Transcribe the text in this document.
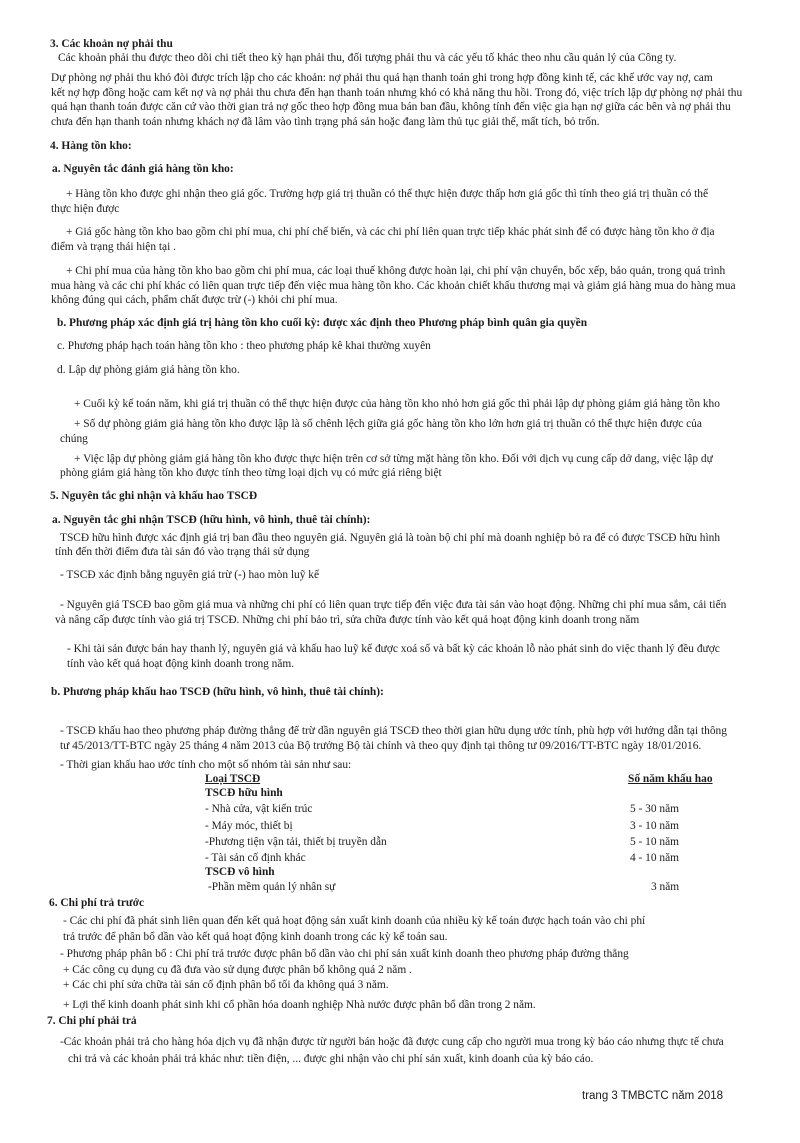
3. Các khoản nợ phải thu
Các khoản phải thu được theo dõi chi tiết theo kỳ hạn phải thu, đối tượng phải thu và các yếu tố khác theo nhu cầu quản lý của Công ty.
Dự phòng nợ phải thu khó đòi được trích lập cho các khoản: nợ phải thu quá hạn thanh toán ghi trong hợp đồng kinh tế, các khế ước vay nợ, cam
kết nợ hợp đồng hoặc cam kết nợ và nợ phải thu chưa đến hạn thanh toán nhưng khó có khả năng thu hồi. Trong đó, việc trích lập dự phòng nợ phải thu
quá hạn thanh toán được căn cứ vào thời gian trả nợ gốc theo hợp đồng mua bán ban đầu, không tính đến việc gia hạn nợ giữa các bên và nợ phải thu
chưa đến hạn thanh toán nhưng khách nợ đã lâm vào tình trạng phá sản hoặc đang làm thủ tục giải thể, mất tích, bỏ trốn.
4. Hàng tồn kho:
a. Nguyên tắc đánh giá hàng tồn kho:
+ Hàng tồn kho được ghi nhận theo giá gốc. Trường hợp giá trị thuần có thể thực hiện được thấp hơn giá gốc thì tính theo giá trị thuần có thể
thực hiện được
+ Giá gốc hàng tồn kho bao gồm chi phí mua, chi phí chế biến, và các chi phí liên quan trực tiếp khác phát sinh để có được hàng tồn kho ở địa
điểm và trạng thái hiện tại .
+ Chi phí mua của hàng tồn kho bao gồm chi phí mua, các loại thuế không được hoàn lại, chi phí vận chuyển, bốc xếp, bảo quản, trong quá trình
mua hàng và các chi phí khác có liên quan trực tiếp đến việc mua hàng tồn kho. Các khoản chiết khấu thương mại và giảm giá hàng mua do hàng mua
không đúng qui cách, phẩm chất được trừ (-) khỏi chi phí mua.
b. Phương pháp xác định giá trị hàng tồn kho cuối kỳ: được xác định theo Phương pháp bình quân gia quyền
c. Phương pháp hạch toán hàng tồn kho : theo phương pháp kê khai thường xuyên
d. Lập dự phòng giảm giá hàng tồn kho.
+ Cuối kỳ kế toán năm, khi giá trị thuần có thể thực hiện được của hàng tồn kho nhỏ hơn giá gốc thì phải lập dự phòng giảm giá hàng tồn kho
+ Số dự phòng giảm giá hàng tồn kho được lập là số chênh lệch giữa giá gốc hàng tồn kho lớn hơn giá trị thuần có thể thực hiện được của
chúng
+ Việc lập dự phòng giảm giá hàng tồn kho được thực hiện trên cơ sở từng mặt hàng tồn kho. Đối với dịch vụ cung cấp dở dang, việc lập dự
phòng giảm giá hàng tồn kho được tính theo từng loại dịch vụ có mức giá riêng biệt
5. Nguyên tắc ghi nhận và khấu hao TSCĐ
a. Nguyên tắc ghi nhận TSCĐ (hữu hình, vô hình, thuê tài chính):
TSCĐ hữu hình được xác định giá trị ban đầu theo nguyên giá. Nguyên giá là toàn bộ chi phí mà doanh nghiệp bỏ ra để có được TSCĐ hữu hình
tính đến thời điểm đưa tài sản đó vào trạng thái sử dụng
- TSCĐ xác định bằng nguyên giá trừ (-) hao mòn luỹ kế
- Nguyên giá TSCĐ bao gồm giá mua và những chi phí có liên quan trực tiếp đến việc đưa tài sản vào hoạt động. Những chi phí mua sắm, cải tiến
và nâng cấp được tính vào giá trị TSCĐ. Những chi phí bảo trì, sửa chữa được tính vào kết quả hoạt động kinh doanh trong năm
- Khi tài sản được bán hay thanh lý, nguyên giá và khấu hao luỹ kế được xoá sổ và bất kỳ các khoản lỗ nào phát sinh do việc thanh lý đều được
tính vào kết quả hoạt động kinh doanh trong năm.
b. Phương pháp khấu hao TSCĐ (hữu hình, vô hình, thuê tài chính):
- TSCĐ khấu hao theo phương pháp đường thẳng để trừ dần nguyên giá TSCĐ theo thời gian hữu dụng ước tính, phù hợp với hướng dẫn tại thông
tư 45/2013/TT-BTC ngày 25 tháng 4 năm 2013 của Bộ trưởng Bộ tài chính và theo quy định tại thông tư 09/2016/TT-BTC ngày 18/01/2016.
- Thời gian khấu hao ước tính cho một số nhóm tài sản như sau:
Loại TSCĐ	Số năm khấu hao
TSCĐ hữu hình
- Nhà cửa, vật kiến trúc	5 - 30 năm
- Máy móc, thiết bị	3 - 10 năm
-Phương tiện vận tải, thiết bị truyền dẫn	5 - 10 năm
- Tài sản cố định khác	4 - 10 năm
TSCĐ vô hình
-Phần mềm quản lý nhân sự	3 năm
6. Chi phí trả trước
- Các chi phí đã phát sinh liên quan đến kết quả hoạt động sản xuất kinh doanh của nhiều kỳ kế toán được hạch toán vào chi phí
trả trước để phân bổ dần vào kết quả hoạt động kinh doanh trong các kỳ kế toán sau.
- Phương pháp phân bổ : Chi phí trả trước được phân bổ dần vào chi phí sản xuất kinh doanh theo phương pháp đường thẳng
+ Các công cụ dụng cụ đã đưa vào sử dụng được phân bổ không quá 2 năm .
+ Các chi phí sửa chữa tài sản cố định phân bổ tối đa không quá 3 năm.
+ Lợi thế kinh doanh phát sinh khi cổ phần hóa doanh nghiệp Nhà nước được phân bổ dần trong 2 năm.
7. Chi phí phải trả
-Các khoản phải trả cho hàng hóa dịch vụ đã nhận được từ người bán hoặc đã được cung cấp cho người mua trong kỳ báo cáo nhưng thực tế chưa
chi trả và các khoản phải trả khác như: tiền điện, ... được ghi nhận vào chi phí sản xuất, kinh doanh của kỳ báo cáo.
trang 3 TMBCTC năm 2018
